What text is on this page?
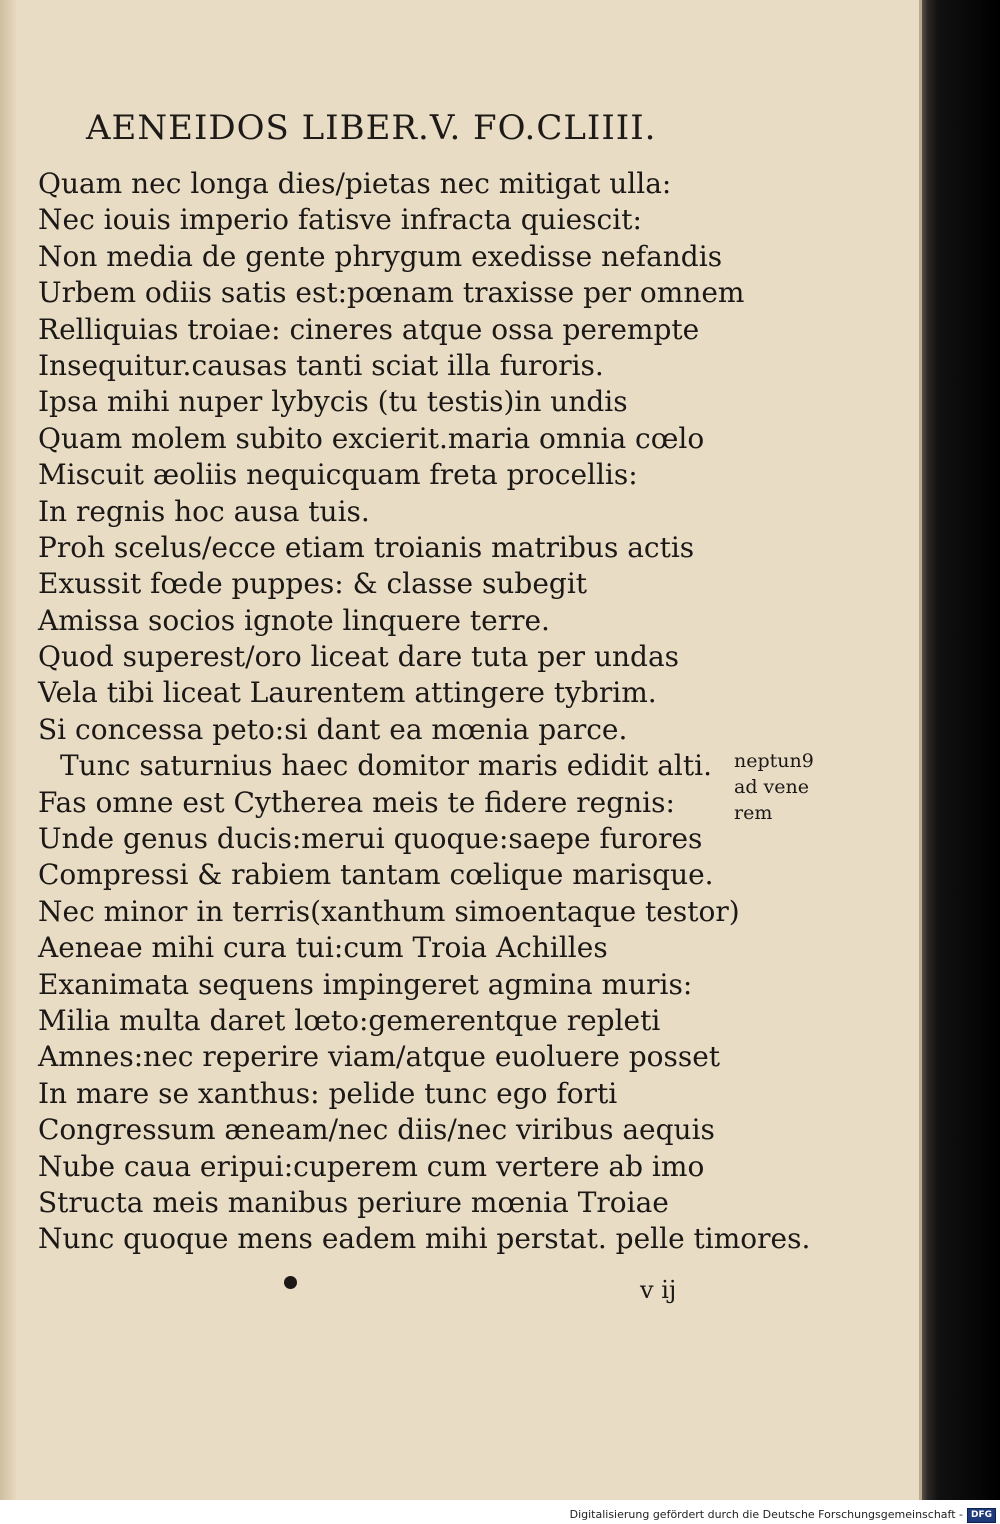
AENEIDOS LIBER.V. FO.CLIIII.
Quam nec longa dies/pietas nec mitigat ulla:
Nec iouis imperio fatisve infracta quiescit:
Non media de gente phrygum exedisse nefandis
Urbem odiis satis est:pœnam traxisse per omnem
Relliquias troiae: cineres atque ossa perempte
Insequitur.causas tanti sciat illa furoris.
Ipsa mihi nuper lybycis (tu testis)in undis
Quam molem subito excierit.maria omnia cœlo
Miscuit æoliis nequicquam freta procellis:
In regnis hoc ausa tuis.
Proh scelus/ecce etiam troianis matribus actis
Exussit fœde puppes: & classe subegit
Amissa socios ignote linquere terre.
Quod superest/oro liceat dare tuta per undas
Vela tibi liceat Laurentem attingere tybrim.
Si concessa peto:si dant ea mœnia parce.
Tunc saturnius haec domitor maris edidit alti.
Fas omne est Cytherea meis te fidere regnis:
Unde genus ducis:merui quoque:saepe furores
Compressi & rabiem tantam cœlique marisque.
Nec minor in terris(xanthum simoentaque testor)
Aeneae mihi cura tui:cum Troia Achilles
Exanimata sequens impingeret agmina muris:
Milia multa daret lœto:gemerentque repleti
Amnes:nec reperire viam/atque euoluere posset
In mare se xanthus: pelide tunc ego forti
Congressum æneam/nec diis/nec viribus aequis
Nube caua eripui:cuperem cum vertere ab imo
Structa meis manibus periure mœnia Troiae
Nunc quoque mens eadem mihi perstat. pelle timores.
neptun9
ad vene
rem
v ij
Digitalisierung gefördert durch die Deutsche Forschungsgemeinschaft - DFG
